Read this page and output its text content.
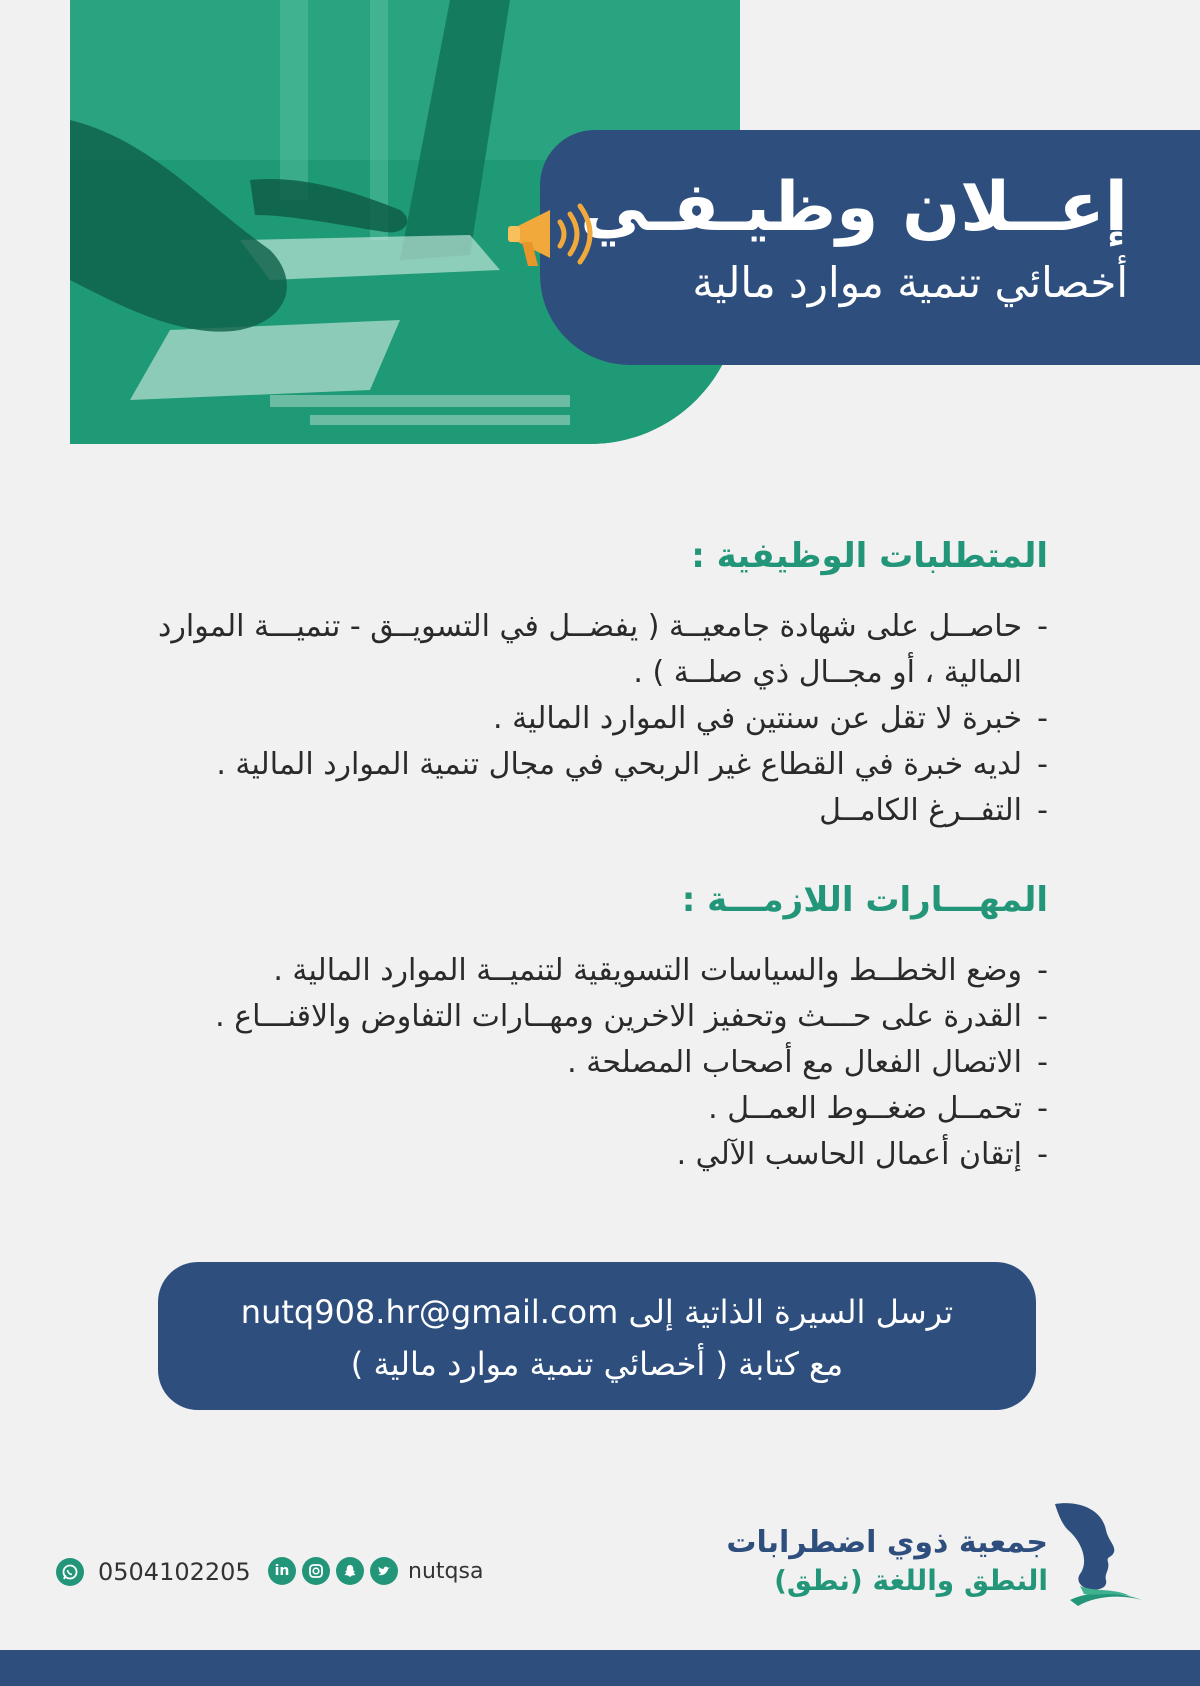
إعــلان وظيـفـي
أخصائي تنمية موارد مالية
المتطلبات الوظيفية :
- حاصــل على شهادة جامعيــة ( يفضــل في التسويــق - تنميـــة الموارد المالية ، أو مجــال ذي صلــة ) .
- خبرة لا تقل عن سنتين في الموارد المالية .
- لديه خبرة في القطاع غير الربحي في مجال تنمية الموارد المالية .
- التفــرغ الكامــل
المهـــارات اللازمـــة :
- وضع الخطــط والسياسات التسويقية لتنميــة الموارد المالية .
- القدرة على حـــث وتحفيز الاخرين ومهــارات التفاوض والاقنـــاع .
- الاتصال الفعال مع أصحاب المصلحة .
- تحمــل ضغــوط العمــل .
- إتقان أعمال الحاسب الآلي .
ترسل السيرة الذاتية إلى nutq908.hr@gmail.com
مع كتابة ( أخصائي تنمية موارد مالية )
0504102205	in	nutqsa
جمعية ذوي اضطرابات
النطق واللغة (نطق)
